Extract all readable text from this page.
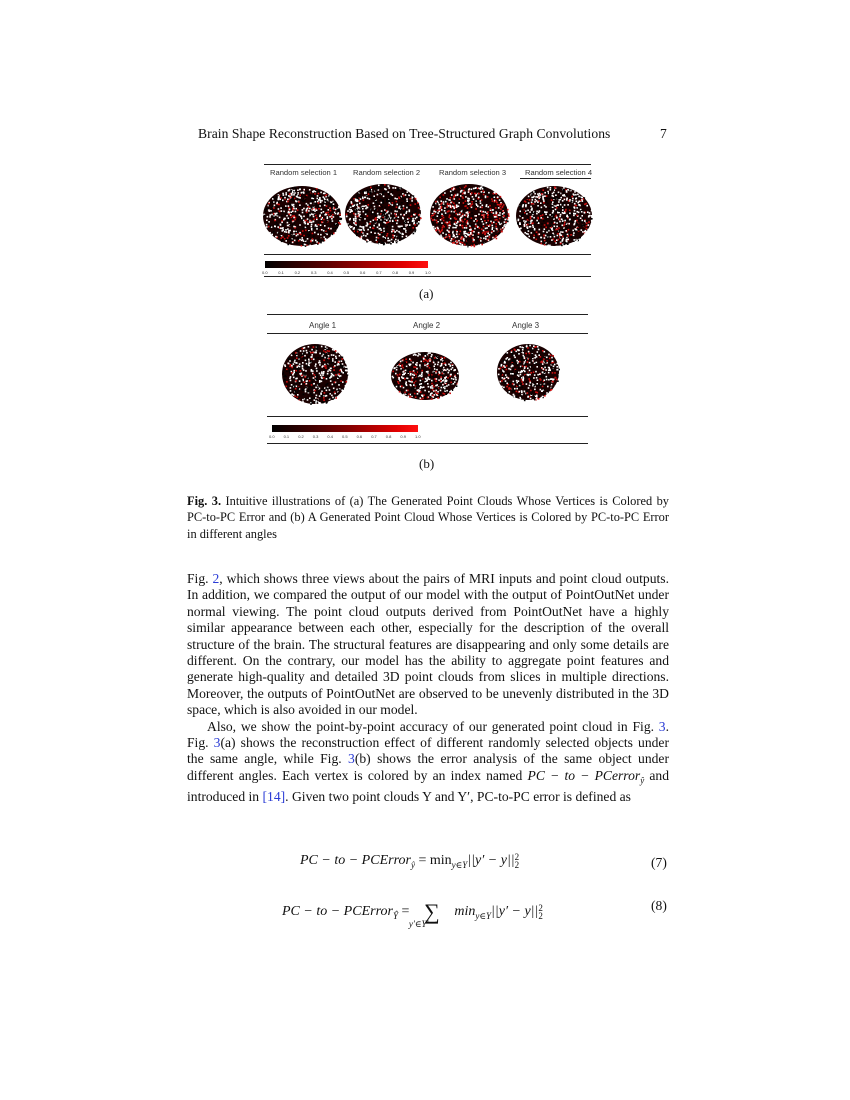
Brain Shape Reconstruction Based on Tree-Structured Graph Convolutions	7
Random selection 1 Random selection 2 Random selection 3 Random selection 4
0.0	0.1	0.2	0.3	0.4	0.5	0.6	0.7	0.8	0.9	1.0
(a)
Angle 1	Angle 2	Angle 3
0.0 0.1 0.2 0.3 0.4 0.5 0.6 0.7 0.8 0.9 1.0
(b)
Fig. 3. Intuitive illustrations of (a) The Generated Point Clouds Whose Vertices is Colored by PC-to-PC Error and (b) A Generated Point Cloud Whose Vertices is Colored by PC-to-PC Error in different angles

Fig. 2, which shows three views about the pairs of MRI inputs and point cloud outputs. In addition, we compared the output of our model with the output of PointOutNet under normal viewing. The point cloud outputs derived from PointOutNet have a highly similar appearance between each other, especially for the description of the overall structure of the brain. The structural features are disappearing and only some details are different. On the contrary, our model has the ability to aggregate point features and generate high-quality and detailed 3D point clouds from slices in multiple directions. Moreover, the outputs of PointOutNet are observed to be unevenly distributed in the 3D space, which is also avoided in our model.

Also, we show the point-by-point accuracy of our generated point cloud in Fig. 3. Fig. 3(a) shows the reconstruction effect of different randomly selected objects under the same angle, while Fig. 3(b) shows the error analysis of the same object under different angles. Each vertex is colored by an index named PC − to − PCerror$_ŷ$ and introduced in [14]. Given two point clouds Y and Y′, PC-to-PC error is defined as

PC − to − PCError$_ŷ$ = $\min_{y\in Y}||y' - y||$ 2
2	(7)
PC − to − PCError$_Ŷ$ = ∑
y′∈Y′
$\min_{y\in Y}||y' - y||$ 2
2
(8)
